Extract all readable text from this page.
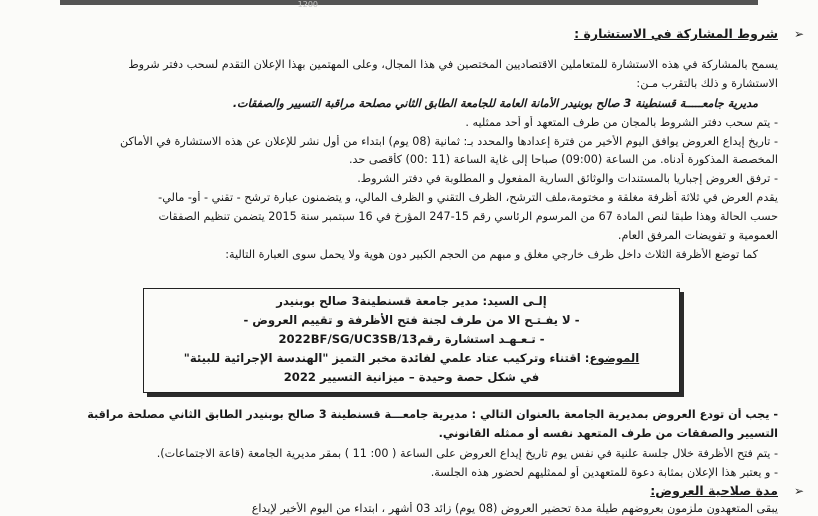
1200
➢
شروط المشاركة في الاستشارة :
يسمح بالمشاركة في هذه الاستشارة للمتعاملين الاقتصاديين المختصين في هذا المجال، وعلى المهتمين بهذا الإعلان التقدم لسحب دفتر شروط
الاستشارة و ذلك بالتقرب مـن:
مديرية جامعـــــة قسنطينة 3 صالح بوبنيدر الأمانة العامة للجامعة الطابق الثاني مصلحة مراقبة التسيير والصفقات.
- يتم سحب دفتر الشروط بالمجان من طرف المتعهد أو أحد ممثليه .
- تاريخ إيداع العروض يوافق اليوم الأخير من فترة إعدادها والمحدد بـ: ثمانية (08 يوم) ابتداء من أول نشر للإعلان عن هذه الاستشارة في الأماكن
المخصصة المذكورة أدناه. من الساعة (09:00) صباحا إلى غاية الساعة (11 :00) كأقصى حد.
- ترفق العروض إجباريا بالمستندات والوثائق السارية المفعول و المطلوبة في دفتر الشروط.
يقدم العرض في ثلاثة أظرفة مغلقة و مختومة،ملف الترشح، الظرف التقني و الظرف المالي، و يتضمنون عبارة ترشح - تقني - أو- مالي-
حسب الحالة وهذا طبقا لنص المادة 67 من المرسوم الرئاسي رقم 15-247 المؤرخ في 16 سبتمبر سنة 2015 يتضمن تنظيم الصفقات
العمومية و تفويضات المرفق العام.
كما توضع الأظرفة الثلاث داخل ظرف خارجي مغلق و مبهم من الحجم الكبير دون هوية ولا يحمل سوى العبارة التالية:
إلـى السيد: مدير جامعة قسنطينة3 صالح بوبنيدر
- لا يفـتـح الا من طرف لجنة فتح الأظرفة و تقييم العروض -
- تـعـهـد استشارة رقم2022BF/SG/UC3SB/13
الموضوع: اقتناء وتركيب عتاد علمي لفائدة مخبر التميز "الهندسة الإجرائية للبيئة"
في شكل حصة وحيدة – ميزانية التسيير 2022
- يجب أن تودع العروض بمديرية الجامعة بالعنوان التالي : مديرية جامعـــة قسنطينة 3 صالح بوبنيدر الطابق الثاني مصلحة مراقبة
التسيير والصفقات من طرف المتعهد نفسه أو ممثله القانوني.
- يتم فتح الأظرفة خلال جلسة علنية في نفس يوم تاريخ إيداع العروض على الساعة ( 00: 11 ) بمقر مديرية الجامعة (قاعة الاجتماعات).
- و يعتبر هذا الإعلان بمثابة دعوة للمتعهدين أو لممثليهم لحضور هذه الجلسة.
➢
مدة صلاحية العروض:
يبقى المتعهدون ملزمون بعروضهم طيلة مدة تحضير العروض (08 يوم) زائد 03 أشهر ، ابتداء من اليوم الأخير لإيداع
